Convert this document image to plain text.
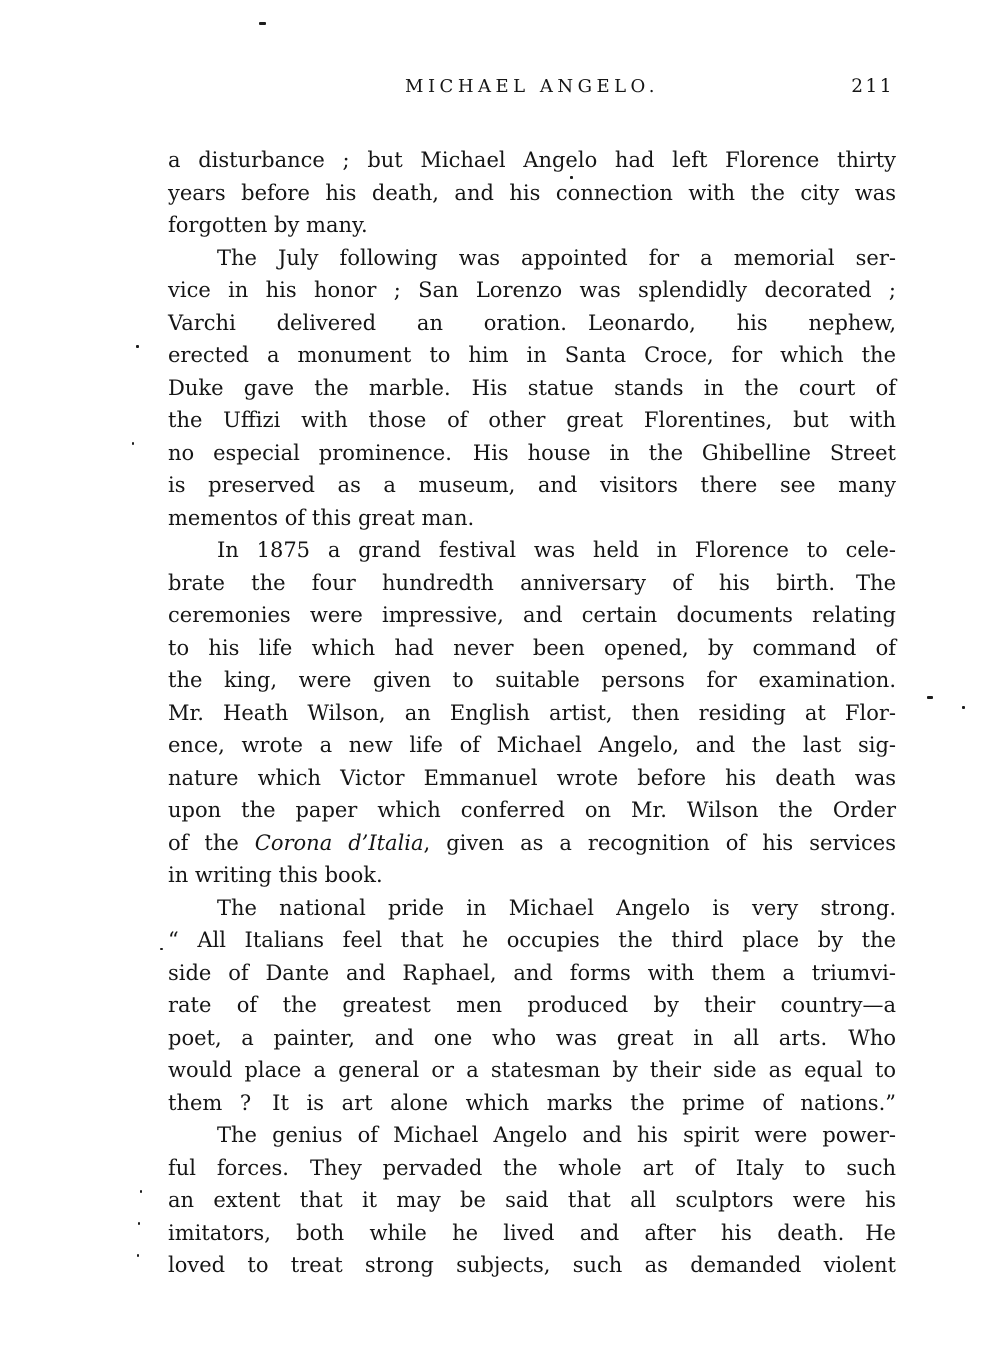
MICHAEL ANGELO.	211
a disturbance ; but Michael Angelo had left Florence thirty
years before his death, and his connection with the city was
forgotten by many.
The July following was appointed for a memorial ser-
vice in his honor ; San Lorenzo was splendidly decorated ;
Varchi delivered an oration. Leonardo, his nephew,
erected a monument to him in Santa Croce, for which the
Duke gave the marble. His statue stands in the court of
the Uffizi with those of other great Florentines, but with
no especial prominence. His house in the Ghibelline Street
is preserved as a museum, and visitors there see many
mementos of this great man.
In 1875 a grand festival was held in Florence to cele-
brate the four hundredth anniversary of his birth. The
ceremonies were impressive, and certain documents relating
to his life which had never been opened, by command of
the king, were given to suitable persons for examination.
Mr. Heath Wilson, an English artist, then residing at Flor-
ence, wrote a new life of Michael Angelo, and the last sig-
nature which Victor Emmanuel wrote before his death was
upon the paper which conferred on Mr. Wilson the Order
of the Corona d’Italia, given as a recognition of his services
in writing this book.
The national pride in Michael Angelo is very strong.
“ All Italians feel that he occupies the third place by the
side of Dante and Raphael, and forms with them a triumvi-
rate of the greatest men produced by their country—a
poet, a painter, and one who was great in all arts. Who
would place a general or a statesman by their side as equal to
them ? It is art alone which marks the prime of nations.”
The genius of Michael Angelo and his spirit were power-
ful forces. They pervaded the whole art of Italy to such
an extent that it may be said that all sculptors were his
imitators, both while he lived and after his death. He
loved to treat strong subjects, such as demanded violent
